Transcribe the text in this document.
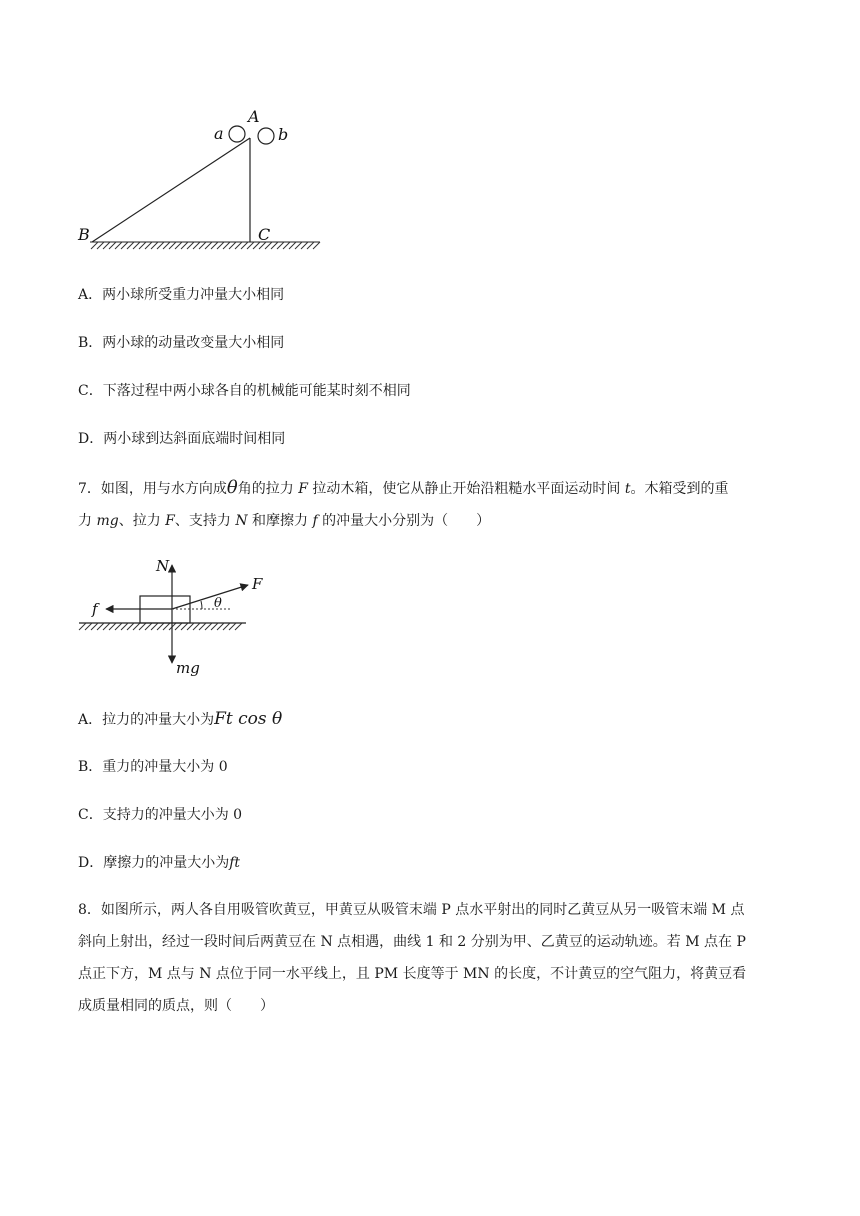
a
A
b
B	C
A．两小球所受重力冲量大小相同
B．两小球的动量改变量大小相同
C．下落过程中两小球各自的机械能可能某时刻不相同
D．两小球到达斜面底端时间相同
7．如图，用与水方向成θ角的拉力 F 拉动木箱，使它从静止开始沿粗糙水平面运动时间 t。木箱受到的重
力 mg、拉力 F、支持力 N 和摩擦力 f 的冲量大小分别为（　　）
N
F
f	θ
mg
A．拉力的冲量大小为Ft cos θ
B．重力的冲量大小为 0
C．支持力的冲量大小为 0
D．摩擦力的冲量大小为ft
8．如图所示，两人各自用吸管吹黄豆，甲黄豆从吸管末端 P 点水平射出的同时乙黄豆从另一吸管末端 M 点
斜向上射出，经过一段时间后两黄豆在 N 点相遇，曲线 1 和 2 分别为甲、乙黄豆的运动轨迹。若 M 点在 P
点正下方，M 点与 N 点位于同一水平线上，且 PM 长度等于 MN 的长度，不计黄豆的空气阻力，将黄豆看
成质量相同的质点，则（　　）
